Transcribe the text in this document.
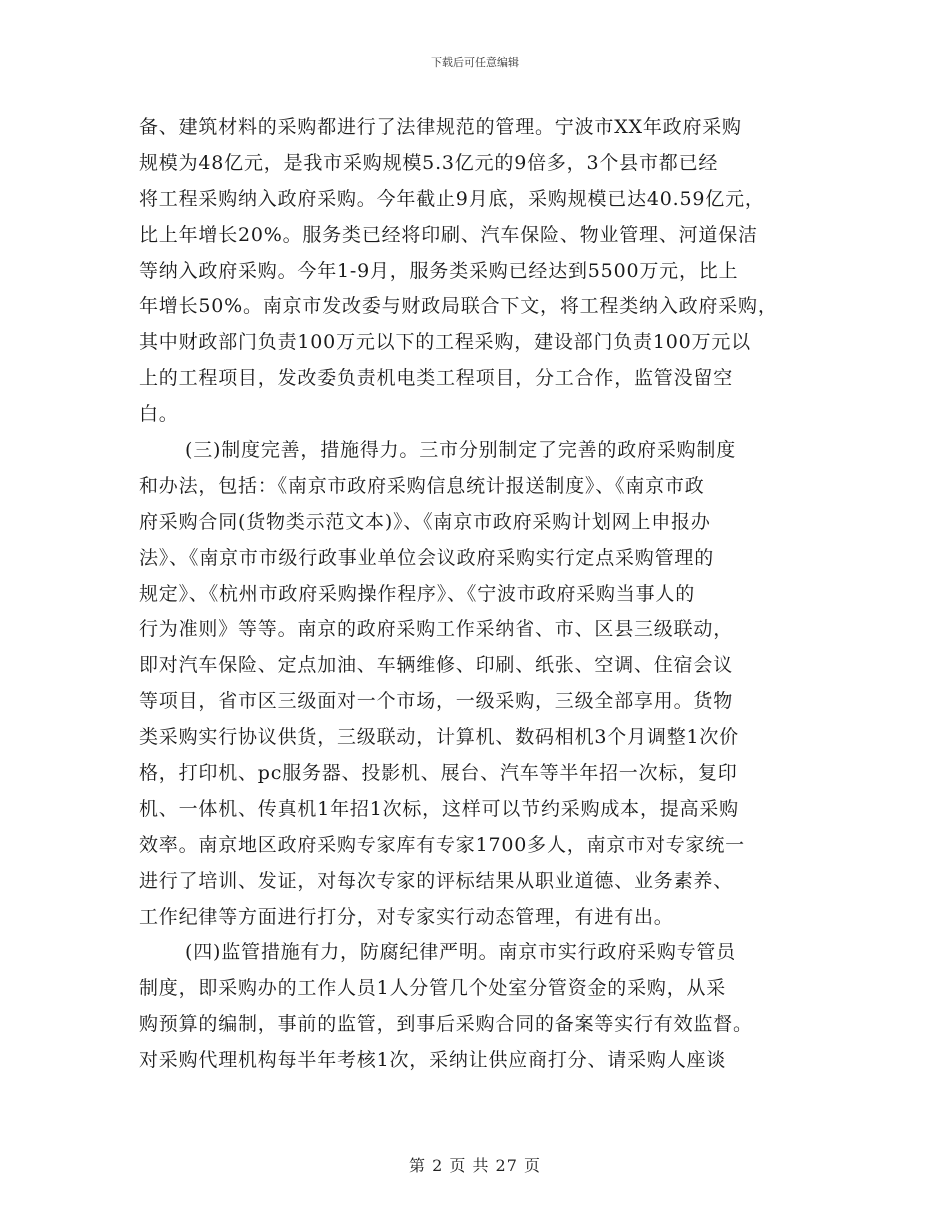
下载后可任意编辑
备、建筑材料的采购都进行了法律规范的管理。宁波市XX年政府采购
规模为48亿元，是我市采购规模5.3亿元的9倍多，3个县市都已经
将工程采购纳入政府采购。今年截止9月底，采购规模已达40.59亿元，
比上年增长20%。服务类已经将印刷、汽车保险、物业管理、河道保洁
等纳入政府采购。今年1-9月，服务类采购已经达到5500万元，比上
年增长50%。南京市发改委与财政局联合下文，将工程类纳入政府采购，
其中财政部门负责100万元以下的工程采购，建设部门负责100万元以
上的工程项目，发改委负责机电类工程项目，分工合作，监管没留空
白。
(三)制度完善，措施得力。三市分别制定了完善的政府采购制度
和办法，包括：《南京市政府采购信息统计报送制度》、《南京市政
府采购合同(货物类示范文本)》、《南京市政府采购计划网上申报办
法》、《南京市市级行政事业单位会议政府采购实行定点采购管理的
规定》、《杭州市政府采购操作程序》、《宁波市政府采购当事人的
行为准则》等等。南京的政府采购工作采纳省、市、区县三级联动，
即对汽车保险、定点加油、车辆维修、印刷、纸张、空调、住宿会议
等项目，省市区三级面对一个市场，一级采购，三级全部享用。货物
类采购实行协议供货，三级联动，计算机、数码相机3个月调整1次价
格，打印机、pc服务器、投影机、展台、汽车等半年招一次标，复印
机、一体机、传真机1年招1次标，这样可以节约采购成本，提高采购
效率。南京地区政府采购专家库有专家1700多人，南京市对专家统一
进行了培训、发证，对每次专家的评标结果从职业道德、业务素养、
工作纪律等方面进行打分，对专家实行动态管理，有进有出。
(四)监管措施有力，防腐纪律严明。南京市实行政府采购专管员
制度，即采购办的工作人员1人分管几个处室分管资金的采购，从采
购预算的编制，事前的监管，到事后采购合同的备案等实行有效监督。
对采购代理机构每半年考核1次，采纳让供应商打分、请采购人座谈
第 2 页 共 27 页
